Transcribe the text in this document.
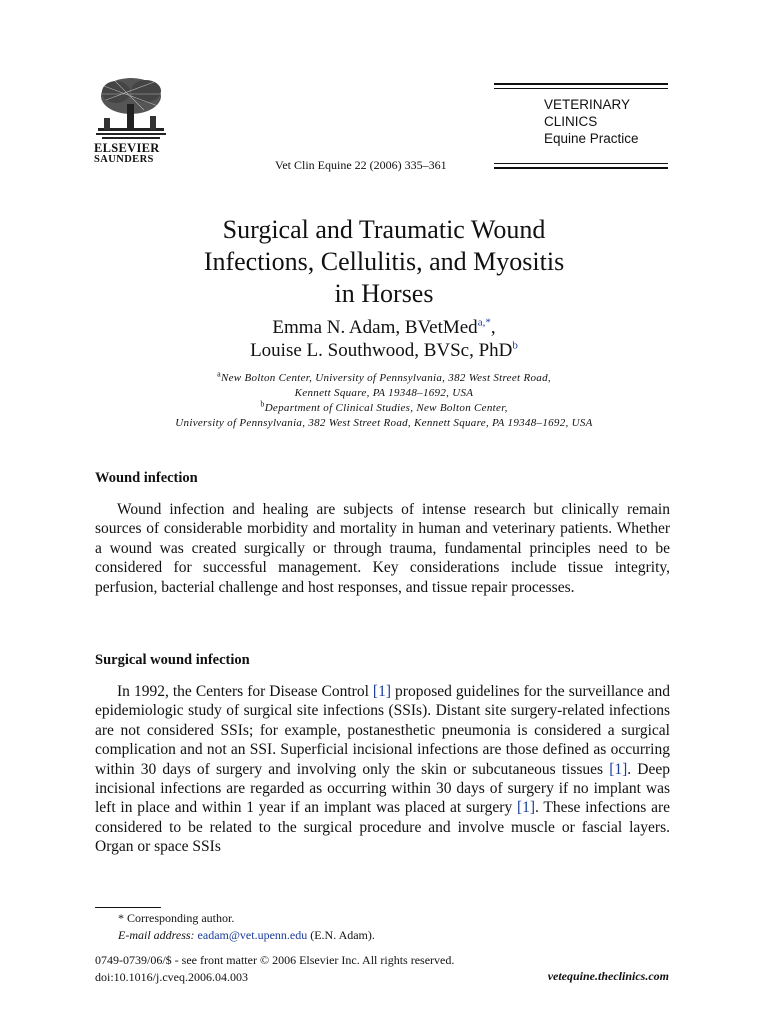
ELSEVIER
SAUNDERS
VETERINARY
CLINICS
Equine Practice
Vet Clin Equine 22 (2006) 335–361
Surgical and Traumatic Wound
Infections, Cellulitis, and Myositis
in Horses
Emma N. Adam, BVetMed$^{a,*}$,
Louise L. Southwood, BVSc, PhD$^b$
$^a$New Bolton Center, University of Pennsylvania, 382 West Street Road,
Kennett Square, PA 19348–1692, USA
$^b$Department of Clinical Studies, New Bolton Center,
University of Pennsylvania, 382 West Street Road, Kennett Square, PA 19348–1692, USA
Wound infection

Wound infection and healing are subjects of intense research but clinically remain sources of considerable morbidity and mortality in human and veterinary patients. Whether a wound was created surgically or through trauma, fundamental principles need to be considered for successful management. Key considerations include tissue integrity, perfusion, bacterial challenge and host responses, and tissue repair processes.

Surgical wound infection

In 1992, the Centers for Disease Control [1] proposed guidelines for the surveillance and epidemiologic study of surgical site infections (SSIs). Distant site surgery-related infections are not considered SSIs; for example, postanesthetic pneumonia is considered a surgical complication and not an SSI. Superficial incisional infections are those defined as occurring within 30 days of surgery and involving only the skin or subcutaneous tissues [1]. Deep incisional infections are regarded as occurring within 30 days of surgery if no implant was left in place and within 1 year if an implant was placed at surgery [1]. These infections are considered to be related to the surgical procedure and involve muscle or fascial layers. Organ or space SSIs

* Corresponding author.
E-mail address: eadam@vet.upenn.edu (E.N. Adam).
0749-0739/06/$ - see front matter © 2006 Elsevier Inc. All rights reserved.
doi:10.1016/j.cveq.2006.04.003	vetequine.theclinics.com
